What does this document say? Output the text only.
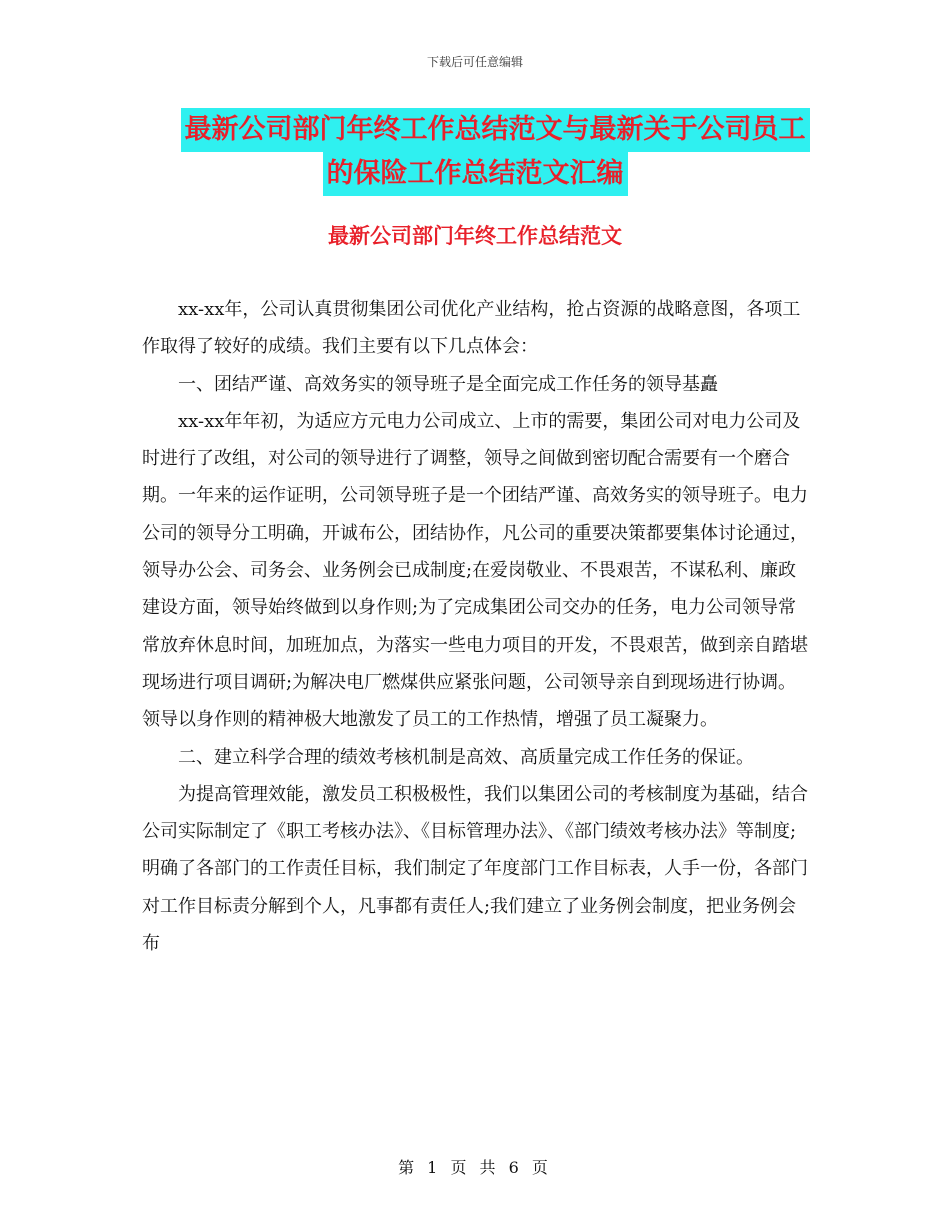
下载后可任意编辑
最新公司部门年终工作总结范文与最新关于公司员工
的保险工作总结范文汇编
最新公司部门年终工作总结范文

xx-xx年，公司认真贯彻集团公司优化产业结构，抢占资源的战略意图，各项工作取得了较好的成绩。我们主要有以下几点体会：

一、团结严谨、高效务实的领导班子是全面完成工作任务的领导基矗

xx-xx年年初，为适应方元电力公司成立、上市的需要，集团公司对电力公司及时进行了改组，对公司的领导进行了调整，领导之间做到密切配合需要有一个磨合期。一年来的运作证明，公司领导班子是一个团结严谨、高效务实的领导班子。电力公司的领导分工明确，开诚布公，团结协作，凡公司的重要决策都要集体讨论通过，领导办公会、司务会、业务例会已成制度;在爱岗敬业、不畏艰苦，不谋私利、廉政建设方面，领导始终做到以身作则;为了完成集团公司交办的任务，电力公司领导常常放弃休息时间，加班加点，为落实一些电力项目的开发，不畏艰苦，做到亲自踏堪现场进行项目调研;为解决电厂燃煤供应紧张问题，公司领导亲自到现场进行协调。领导以身作则的精神极大地激发了员工的工作热情，增强了员工凝聚力。

二、建立科学合理的绩效考核机制是高效、高质量完成工作任务的保证。

为提高管理效能，激发员工积极极性，我们以集团公司的考核制度为基础，结合公司实际制定了《职工考核办法》、《目标管理办法》、《部门绩效考核办法》等制度;明确了各部门的工作责任目标，我们制定了年度部门工作目标表，人手一份，各部门对工作目标责分解到个人，凡事都有责任人;我们建立了业务例会制度，把业务例会布

第 1 页 共 6 页
